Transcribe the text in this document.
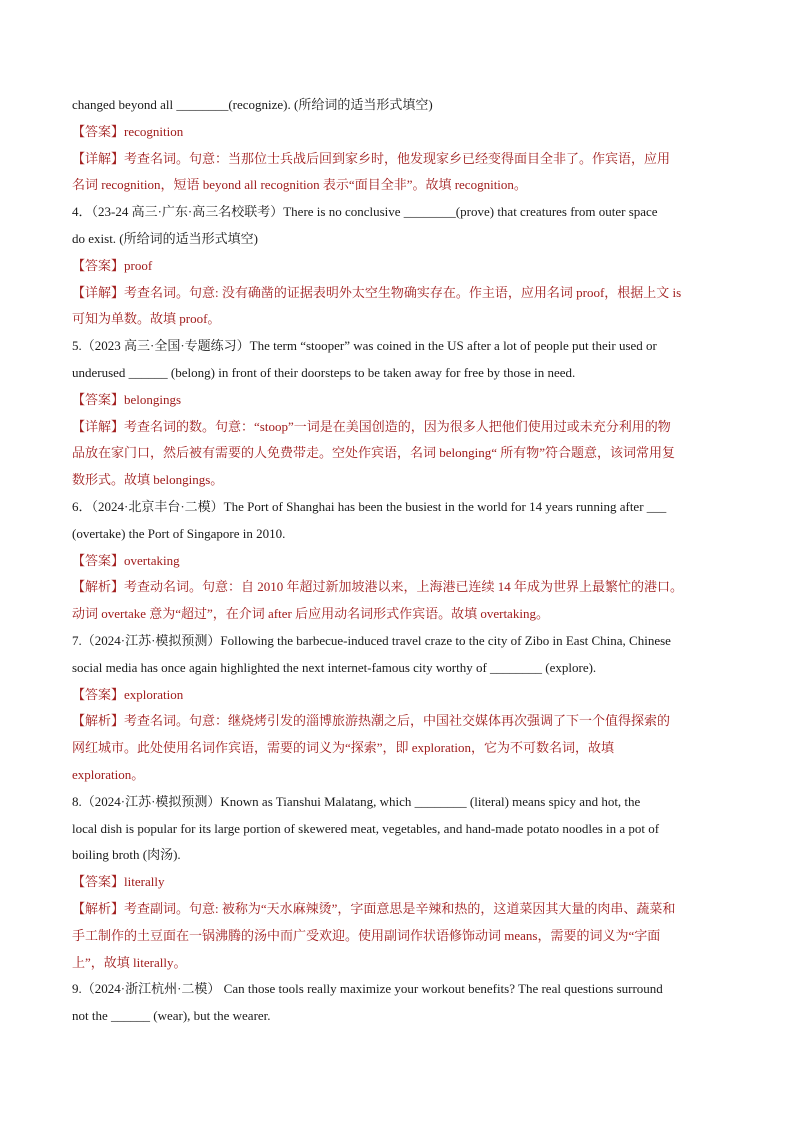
changed beyond all ________(recognize). (所给词的适当形式填空)
【答案】recognition
【详解】考查名词。句意：当那位士兵战后回到家乡时，他发现家乡已经变得面目全非了。作宾语，应用
名词 recognition，短语 beyond all recognition 表示“面目全非”。故填 recognition。
4．（23-24 高三·广东·高三名校联考）There is no conclusive ________(prove) that creatures from outer space
do exist. (所给词的适当形式填空)
【答案】proof
【详解】考查名词。句意: 没有确凿的证据表明外太空生物确实存在。作主语，应用名词 proof，根据上文 is
可知为单数。故填 proof。
5.（2023 高三·全国·专题练习）The term “stooper” was coined in the US after a lot of people put their used or
underused ______ (belong) in front of their doorsteps to be taken away for free by those in need.
【答案】belongings
【详解】考查名词的数。句意：“stoop”一词是在美国创造的，因为很多人把他们使用过或未充分利用的物
品放在家门口，然后被有需要的人免费带走。空处作宾语，名词 belonging“ 所有物”符合题意，该词常用复
数形式。故填 belongings。
6．（2024·北京丰台·二模）The Port of Shanghai has been the busiest in the world for 14 years running after ___
(overtake) the Port of Singapore in 2010.
【答案】overtaking
【解析】考查动名词。句意：自 2010 年超过新加坡港以来，上海港已连续 14 年成为世界上最繁忙的港口。
动词 overtake 意为“超过”，在介词 after 后应用动名词形式作宾语。故填 overtaking。
7.（2024·江苏·模拟预测）Following the barbecue-induced travel craze to the city of Zibo in East China, Chinese
social media has once again highlighted the next internet-famous city worthy of ________ (explore).
【答案】exploration
【解析】考查名词。句意：继烧烤引发的淄博旅游热潮之后，中国社交媒体再次强调了下一个值得探索的
网红城市。此处使用名词作宾语，需要的词义为“探索”，即 exploration，它为不可数名词，故填
exploration。
8.（2024·江苏·模拟预测）Known as Tianshui Malatang, which ________ (literal) means spicy and hot, the
local dish is popular for its large portion of skewered meat, vegetables, and hand-made potato noodles in a pot of
boiling broth (肉汤).
【答案】literally
【解析】考查副词。句意: 被称为“天水麻辣烫”，字面意思是辛辣和热的，这道菜因其大量的肉串、蔬菜和
手工制作的土豆面在一锅沸腾的汤中而广受欢迎。使用副词作状语修饰动词 means，需要的词义为“字面
上”，故填 literally。
9.（2024·浙江杭州·二模） Can those tools really maximize your workout benefits? The real questions surround
not the ______ (wear), but the wearer.
